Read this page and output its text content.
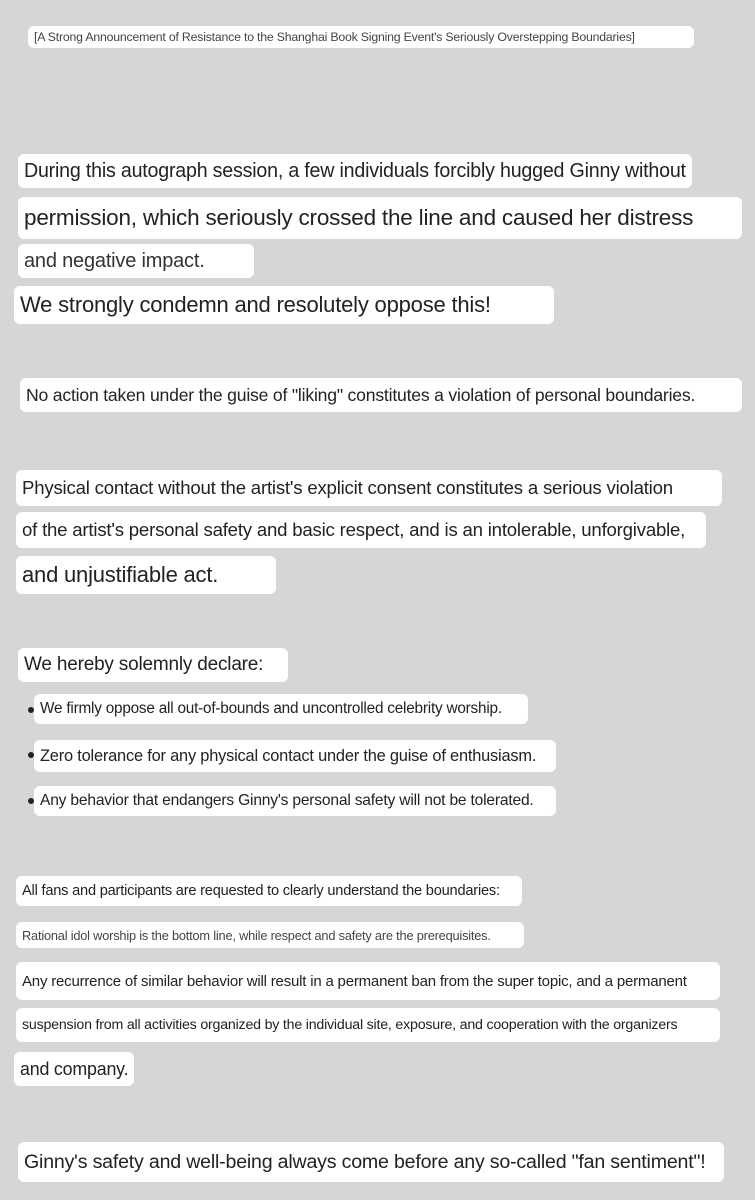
[A Strong Announcement of Resistance to the Shanghai Book Signing Event's Seriously Overstepping Boundaries]
During this autograph session, a few individuals forcibly hugged Ginny without
permission, which seriously crossed the line and caused her distress
and negative impact.
We strongly condemn and resolutely oppose this!
No action taken under the guise of "liking" constitutes a violation of personal boundaries.
Physical contact without the artist's explicit consent constitutes a serious violation
of the artist's personal safety and basic respect, and is an intolerable, unforgivable,
and unjustifiable act.
We hereby solemnly declare:
We firmly oppose all out-of-bounds and uncontrolled celebrity worship.
Zero tolerance for any physical contact under the guise of enthusiasm.
Any behavior that endangers Ginny's personal safety will not be tolerated.
All fans and participants are requested to clearly understand the boundaries:
Rational idol worship is the bottom line, while respect and safety are the prerequisites.
Any recurrence of similar behavior will result in a permanent ban from the super topic, and a permanent
suspension from all activities organized by the individual site, exposure, and cooperation with the organizers
and company.
Ginny's safety and well-being always come before any so-called "fan sentiment"!
